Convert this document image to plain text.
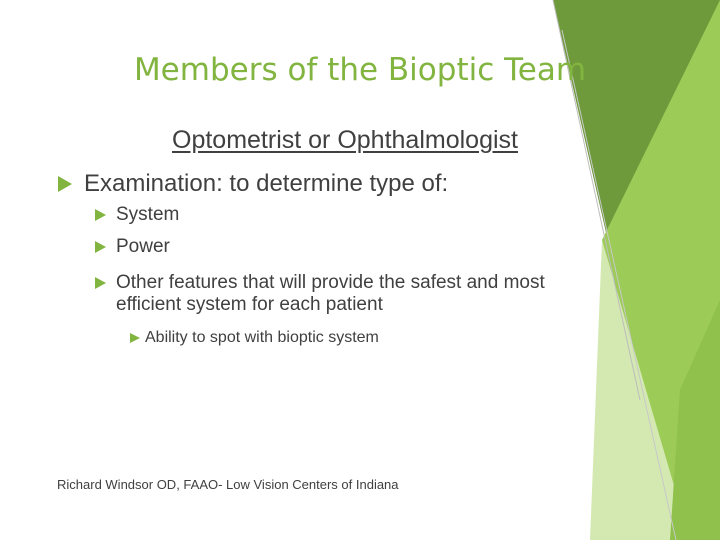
Members of the Bioptic Team
Optometrist or Ophthalmologist
Examination: to determine type of:
System
Power
Other features that will provide the safest and most
efficient system for each patient
Ability to spot with bioptic system
Richard Windsor OD, FAAO- Low Vision Centers of Indiana
